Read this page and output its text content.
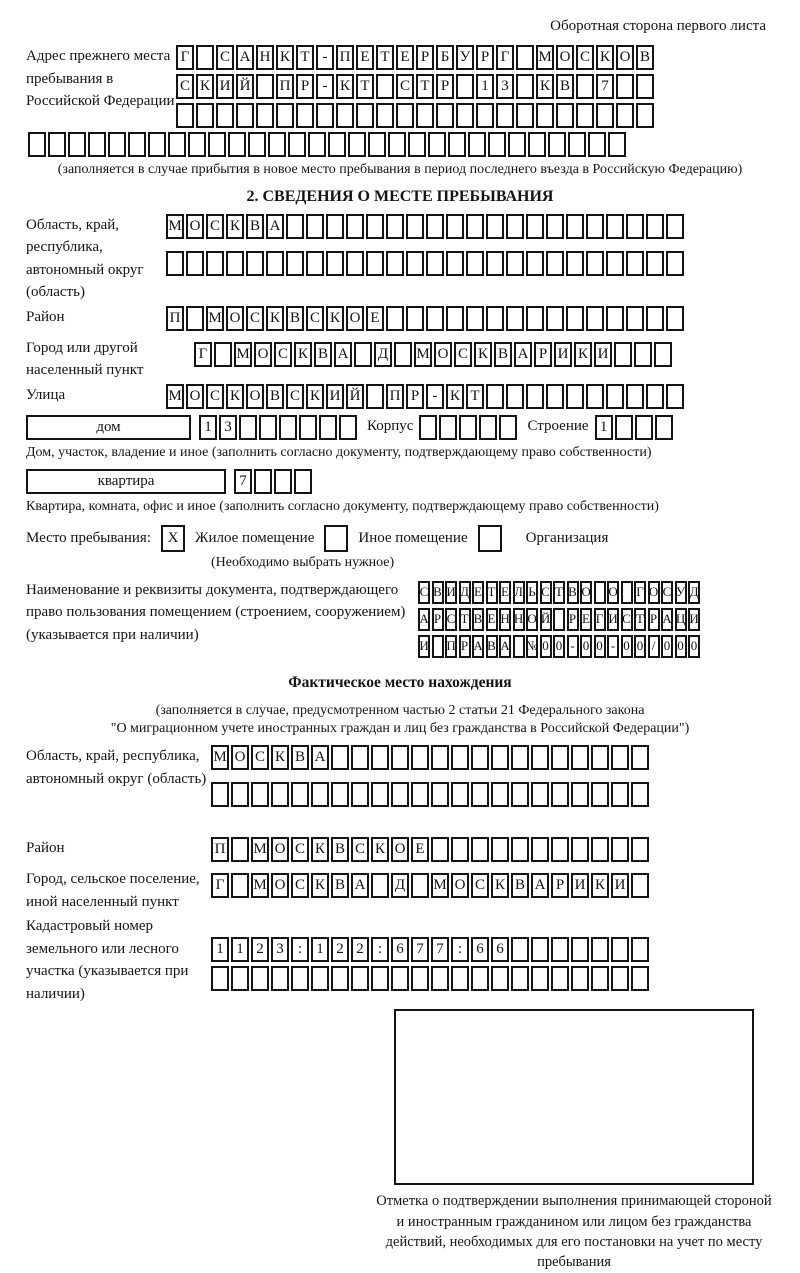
Оборотная сторона первого листа
Адрес прежнего места пребывания в Российской Федерации
Г	С А Н К Т - П Е Т Е Р Б У Р Г	М О С К О В
С К И Й П Р - К Т С Т Р	1 3	К В	7
(заполняется в случае прибытия в новое место пребывания в период последнего въезда в Российскую Федерацию)
2. СВЕДЕНИЯ О МЕСТЕ ПРЕБЫВАНИЯ
Область, край, республика, автономный округ (область)
М О С К В А
Район	П М О С К В С К О Е
Город или другой населенный пункт
Г	М О С К В А Д М О С К В А Р И К И
Улица	М О С К О В С К И Й П Р - К Т
дом	1 3	Корпус	Строение 1
Дом, участок, владение и иное (заполнить согласно документу, подтверждающему право собственности)
квартира	7
Квартира, комната, офис и иное (заполнить согласно документу, подтверждающему право собственности)
Место пребывания:	X	Жилое помещение	Иное помещение	Организация
(Необходимо выбрать нужное)
Наименование и реквизиты документа, подтверждающего право пользования помещением (строением, сооружением) (указывается при наличии)
С В И Д Е Т Е Л Ь С Т В О О Г О С У Д
А Р С Т В Е Н Н О Й Р Е Г И С Т Р А Ц И
И П Р А В А № 0 0 - 0 0 - 0 0 / 0 0 0
Фактическое место нахождения
(заполняется в случае, предусмотренном частью 2 статьи 21 Федерального закона
"О миграционном учете иностранных граждан и лиц без гражданства в Российской Федерации")
Область, край, республика, автономный округ (область)
М О С К В А
Район	П М О С К В С К О Е
Город, сельское поселение, иной населенный пункт
Г	М О С К В А Д М О С К В А Р И К И
Кадастровый номер земельного или лесного участка (указывается при наличии)
1 1 2 3 : 1 2 2 : 6 7 7 : 6 6
Отметка о подтверждении выполнения принимающей стороной и иностранным гражданином или лицом без гражданства действий, необходимых для его постановки на учет по месту пребывания
